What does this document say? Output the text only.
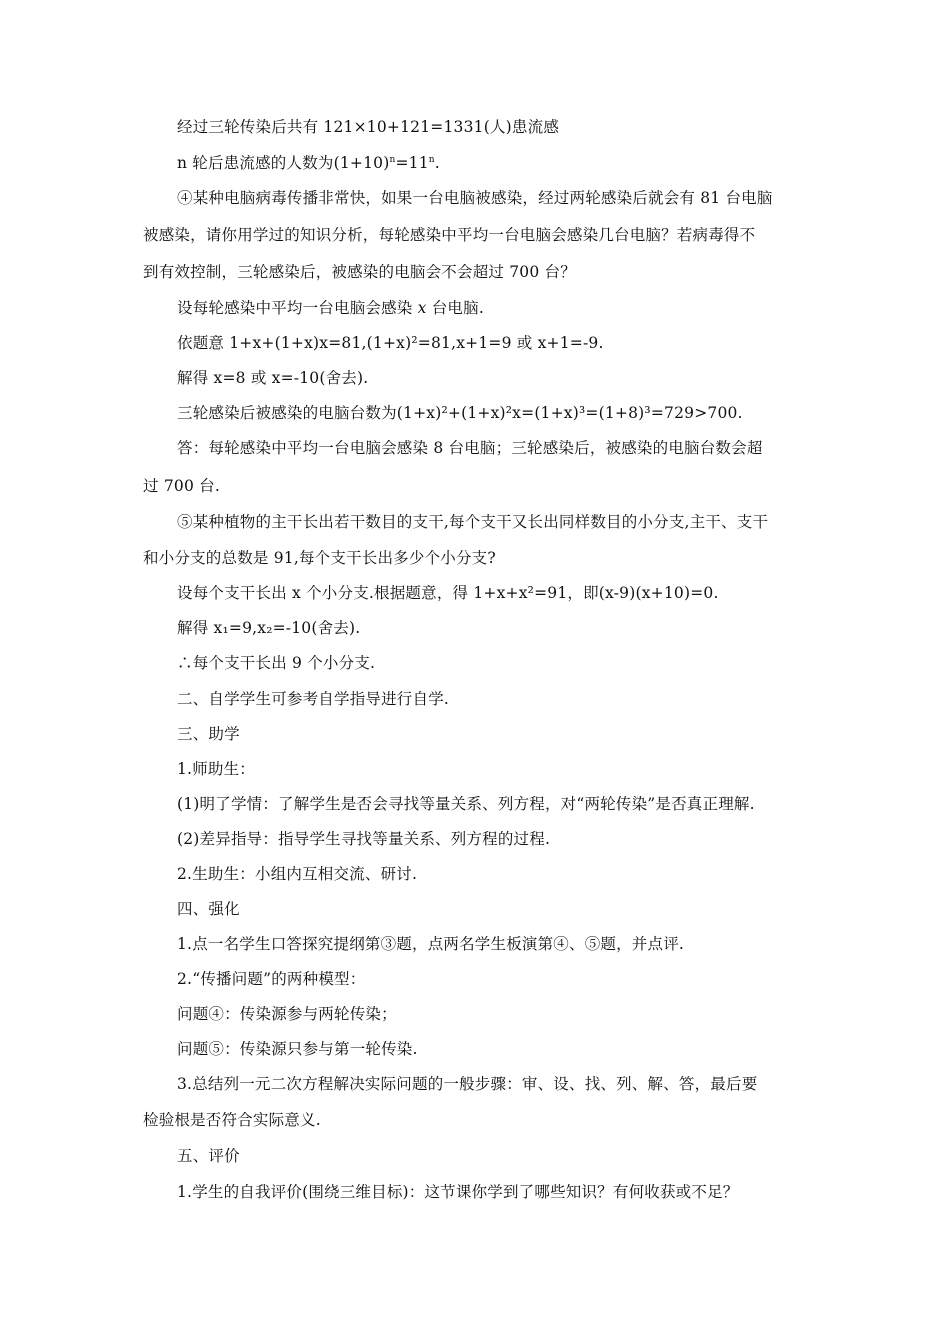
经过三轮传染后共有 121×10+121=1331(人)患流感
n 轮后患流感的人数为$(1+10)^n=11^n$.
④某种电脑病毒传播非常快，如果一台电脑被感染，经过两轮感染后就会有 81 台电脑
被感染，请你用学过的知识分析，每轮感染中平均一台电脑会感染几台电脑？若病毒得不
到有效控制，三轮感染后，被感染的电脑会不会超过 700 台？
设每轮感染中平均一台电脑会感染 x 台电脑.
依题意 1+x+(1+x)x=81,(1+x)²=81,x+1=9 或 x+1=-9.
解得 x=8 或 x=-10(舍去).
三轮感染后被感染的电脑台数为(1+x)²+(1+x)²x=(1+x)³=(1+8)³=729>700.
答：每轮感染中平均一台电脑会感染 8 台电脑；三轮感染后，被感染的电脑台数会超
过 700 台.
⑤某种植物的主干长出若干数目的支干,每个支干又长出同样数目的小分支,主干、支干
和小分支的总数是 91,每个支干长出多少个小分支?
设每个支干长出 x 个小分支.根据题意，得 1+x+x²=91，即(x-9)(x+10)=0.
解得 x₁=9,x₂=-10(舍去).
∴每个支干长出 9 个小分支.
二、自学学生可参考自学指导进行自学.
三、助学
1.师助生：
(1)明了学情：了解学生是否会寻找等量关系、列方程，对“两轮传染”是否真正理解.
(2)差异指导：指导学生寻找等量关系、列方程的过程.
2.生助生：小组内互相交流、研讨.
四、强化
1.点一名学生口答探究提纲第③题，点两名学生板演第④、⑤题，并点评.
2.“传播问题”的两种模型：
问题④：传染源参与两轮传染；
问题⑤：传染源只参与第一轮传染.
3.总结列一元二次方程解决实际问题的一般步骤：审、设、找、列、解、答，最后要
检验根是否符合实际意义.
五、评价
1.学生的自我评价(围绕三维目标)：这节课你学到了哪些知识？有何收获或不足？
